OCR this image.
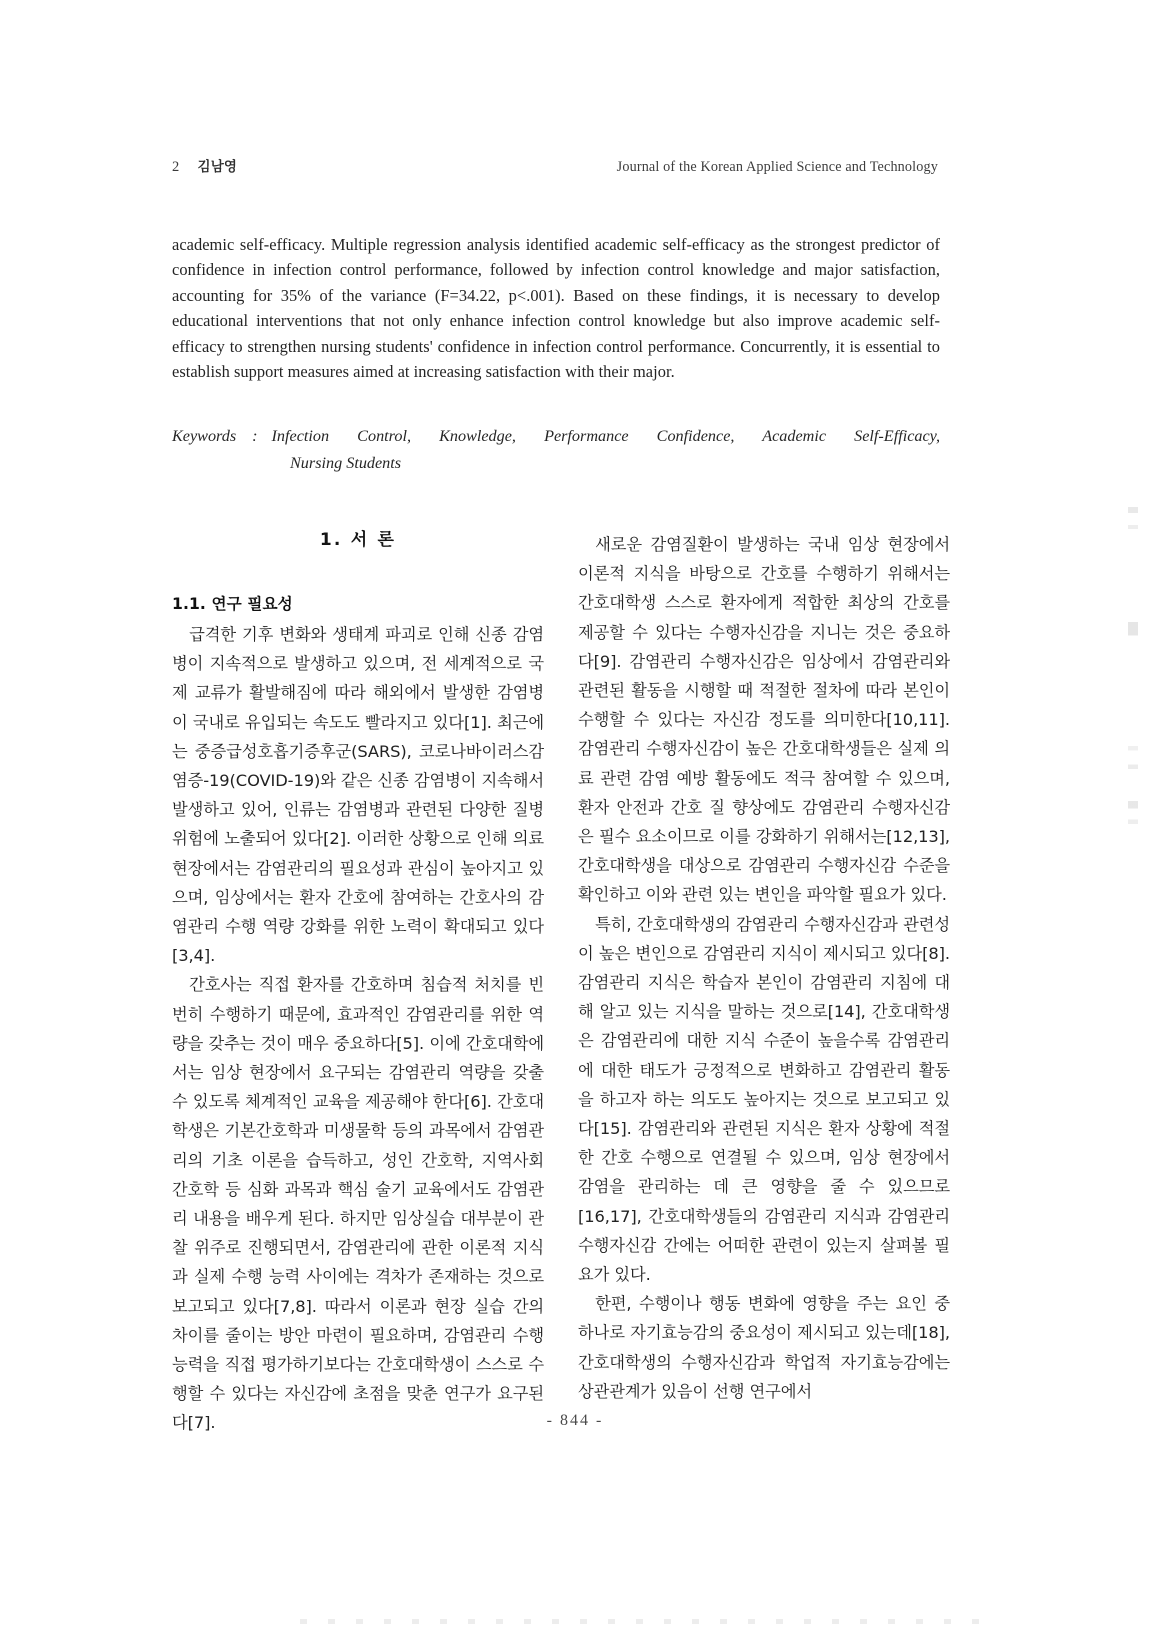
2 김남영	Journal of the Korean Applied Science and Technology
academic self-efficacy. Multiple regression analysis identified academic self-efficacy as the strongest predictor of confidence in infection control performance, followed by infection control knowledge and major satisfaction, accounting for 35% of the variance (F=34.22, p<.001). Based on these findings, it is necessary to develop educational interventions that not only enhance infection control knowledge but also improve academic self-efficacy to strengthen nursing students' confidence in infection control performance. Concurrently, it is essential to establish support measures aimed at increasing satisfaction with their major.
Keywords : Infection Control, Knowledge, Performance Confidence, Academic Self-Efficacy,
Nursing Students
1. 서 론
1.1. 연구 필요성

급격한 기후 변화와 생태계 파괴로 인해 신종 감염병이 지속적으로 발생하고 있으며, 전 세계적으로 국제 교류가 활발해짐에 따라 해외에서 발생한 감염병이 국내로 유입되는 속도도 빨라지고 있다[1]. 최근에는 중증급성호흡기증후군(SARS), 코로나바이러스감염증-19(COVID-19)와 같은 신종 감염병이 지속해서 발생하고 있어, 인류는 감염병과 관련된 다양한 질병 위험에 노출되어 있다[2]. 이러한 상황으로 인해 의료 현장에서는 감염관리의 필요성과 관심이 높아지고 있으며, 임상에서는 환자 간호에 참여하는 간호사의 감염관리 수행 역량 강화를 위한 노력이 확대되고 있다[3,4].

간호사는 직접 환자를 간호하며 침습적 처치를 빈번히 수행하기 때문에, 효과적인 감염관리를 위한 역량을 갖추는 것이 매우 중요하다[5]. 이에 간호대학에서는 임상 현장에서 요구되는 감염관리 역량을 갖출 수 있도록 체계적인 교육을 제공해야 한다[6]. 간호대학생은 기본간호학과 미생물학 등의 과목에서 감염관리의 기초 이론을 습득하고, 성인 간호학, 지역사회 간호학 등 심화 과목과 핵심 술기 교육에서도 감염관리 내용을 배우게 된다. 하지만 임상실습 대부분이 관찰 위주로 진행되면서, 감염관리에 관한 이론적 지식과 실제 수행 능력 사이에는 격차가 존재하는 것으로 보고되고 있다[7,8]. 따라서 이론과 현장 실습 간의 차이를 줄이는 방안 마련이 필요하며, 감염관리 수행 능력을 직접 평가하기보다는 간호대학생이 스스로 수행할 수 있다는 자신감에 초점을 맞춘 연구가 요구된다[7].

새로운 감염질환이 발생하는 국내 임상 현장에서 이론적 지식을 바탕으로 간호를 수행하기 위해서는 간호대학생 스스로 환자에게 적합한 최상의 간호를 제공할 수 있다는 수행자신감을 지니는 것은 중요하다[9]. 감염관리 수행자신감은 임상에서 감염관리와 관련된 활동을 시행할 때 적절한 절차에 따라 본인이 수행할 수 있다는 자신감 정도를 의미한다[10,11]. 감염관리 수행자신감이 높은 간호대학생들은 실제 의료 관련 감염 예방 활동에도 적극 참여할 수 있으며, 환자 안전과 간호 질 향상에도 감염관리 수행자신감은 필수 요소이므로 이를 강화하기 위해서는[12,13], 간호대학생을 대상으로 감염관리 수행자신감 수준을 확인하고 이와 관련 있는 변인을 파악할 필요가 있다.

특히, 간호대학생의 감염관리 수행자신감과 관련성이 높은 변인으로 감염관리 지식이 제시되고 있다[8]. 감염관리 지식은 학습자 본인이 감염관리 지침에 대해 알고 있는 지식을 말하는 것으로[14], 간호대학생은 감염관리에 대한 지식 수준이 높을수록 감염관리에 대한 태도가 긍정적으로 변화하고 감염관리 활동을 하고자 하는 의도도 높아지는 것으로 보고되고 있다[15]. 감염관리와 관련된 지식은 환자 상황에 적절한 간호 수행으로 연결될 수 있으며, 임상 현장에서 감염을 관리하는 데 큰 영향을 줄 수 있으므로[16,17], 간호대학생들의 감염관리 지식과 감염관리 수행자신감 간에는 어떠한 관련이 있는지 살펴볼 필요가 있다.

한편, 수행이나 행동 변화에 영향을 주는 요인 중 하나로 자기효능감의 중요성이 제시되고 있는데[18], 간호대학생의 수행자신감과 학업적 자기효능감에는 상관관계가 있음이 선행 연구에서

- 844 -
